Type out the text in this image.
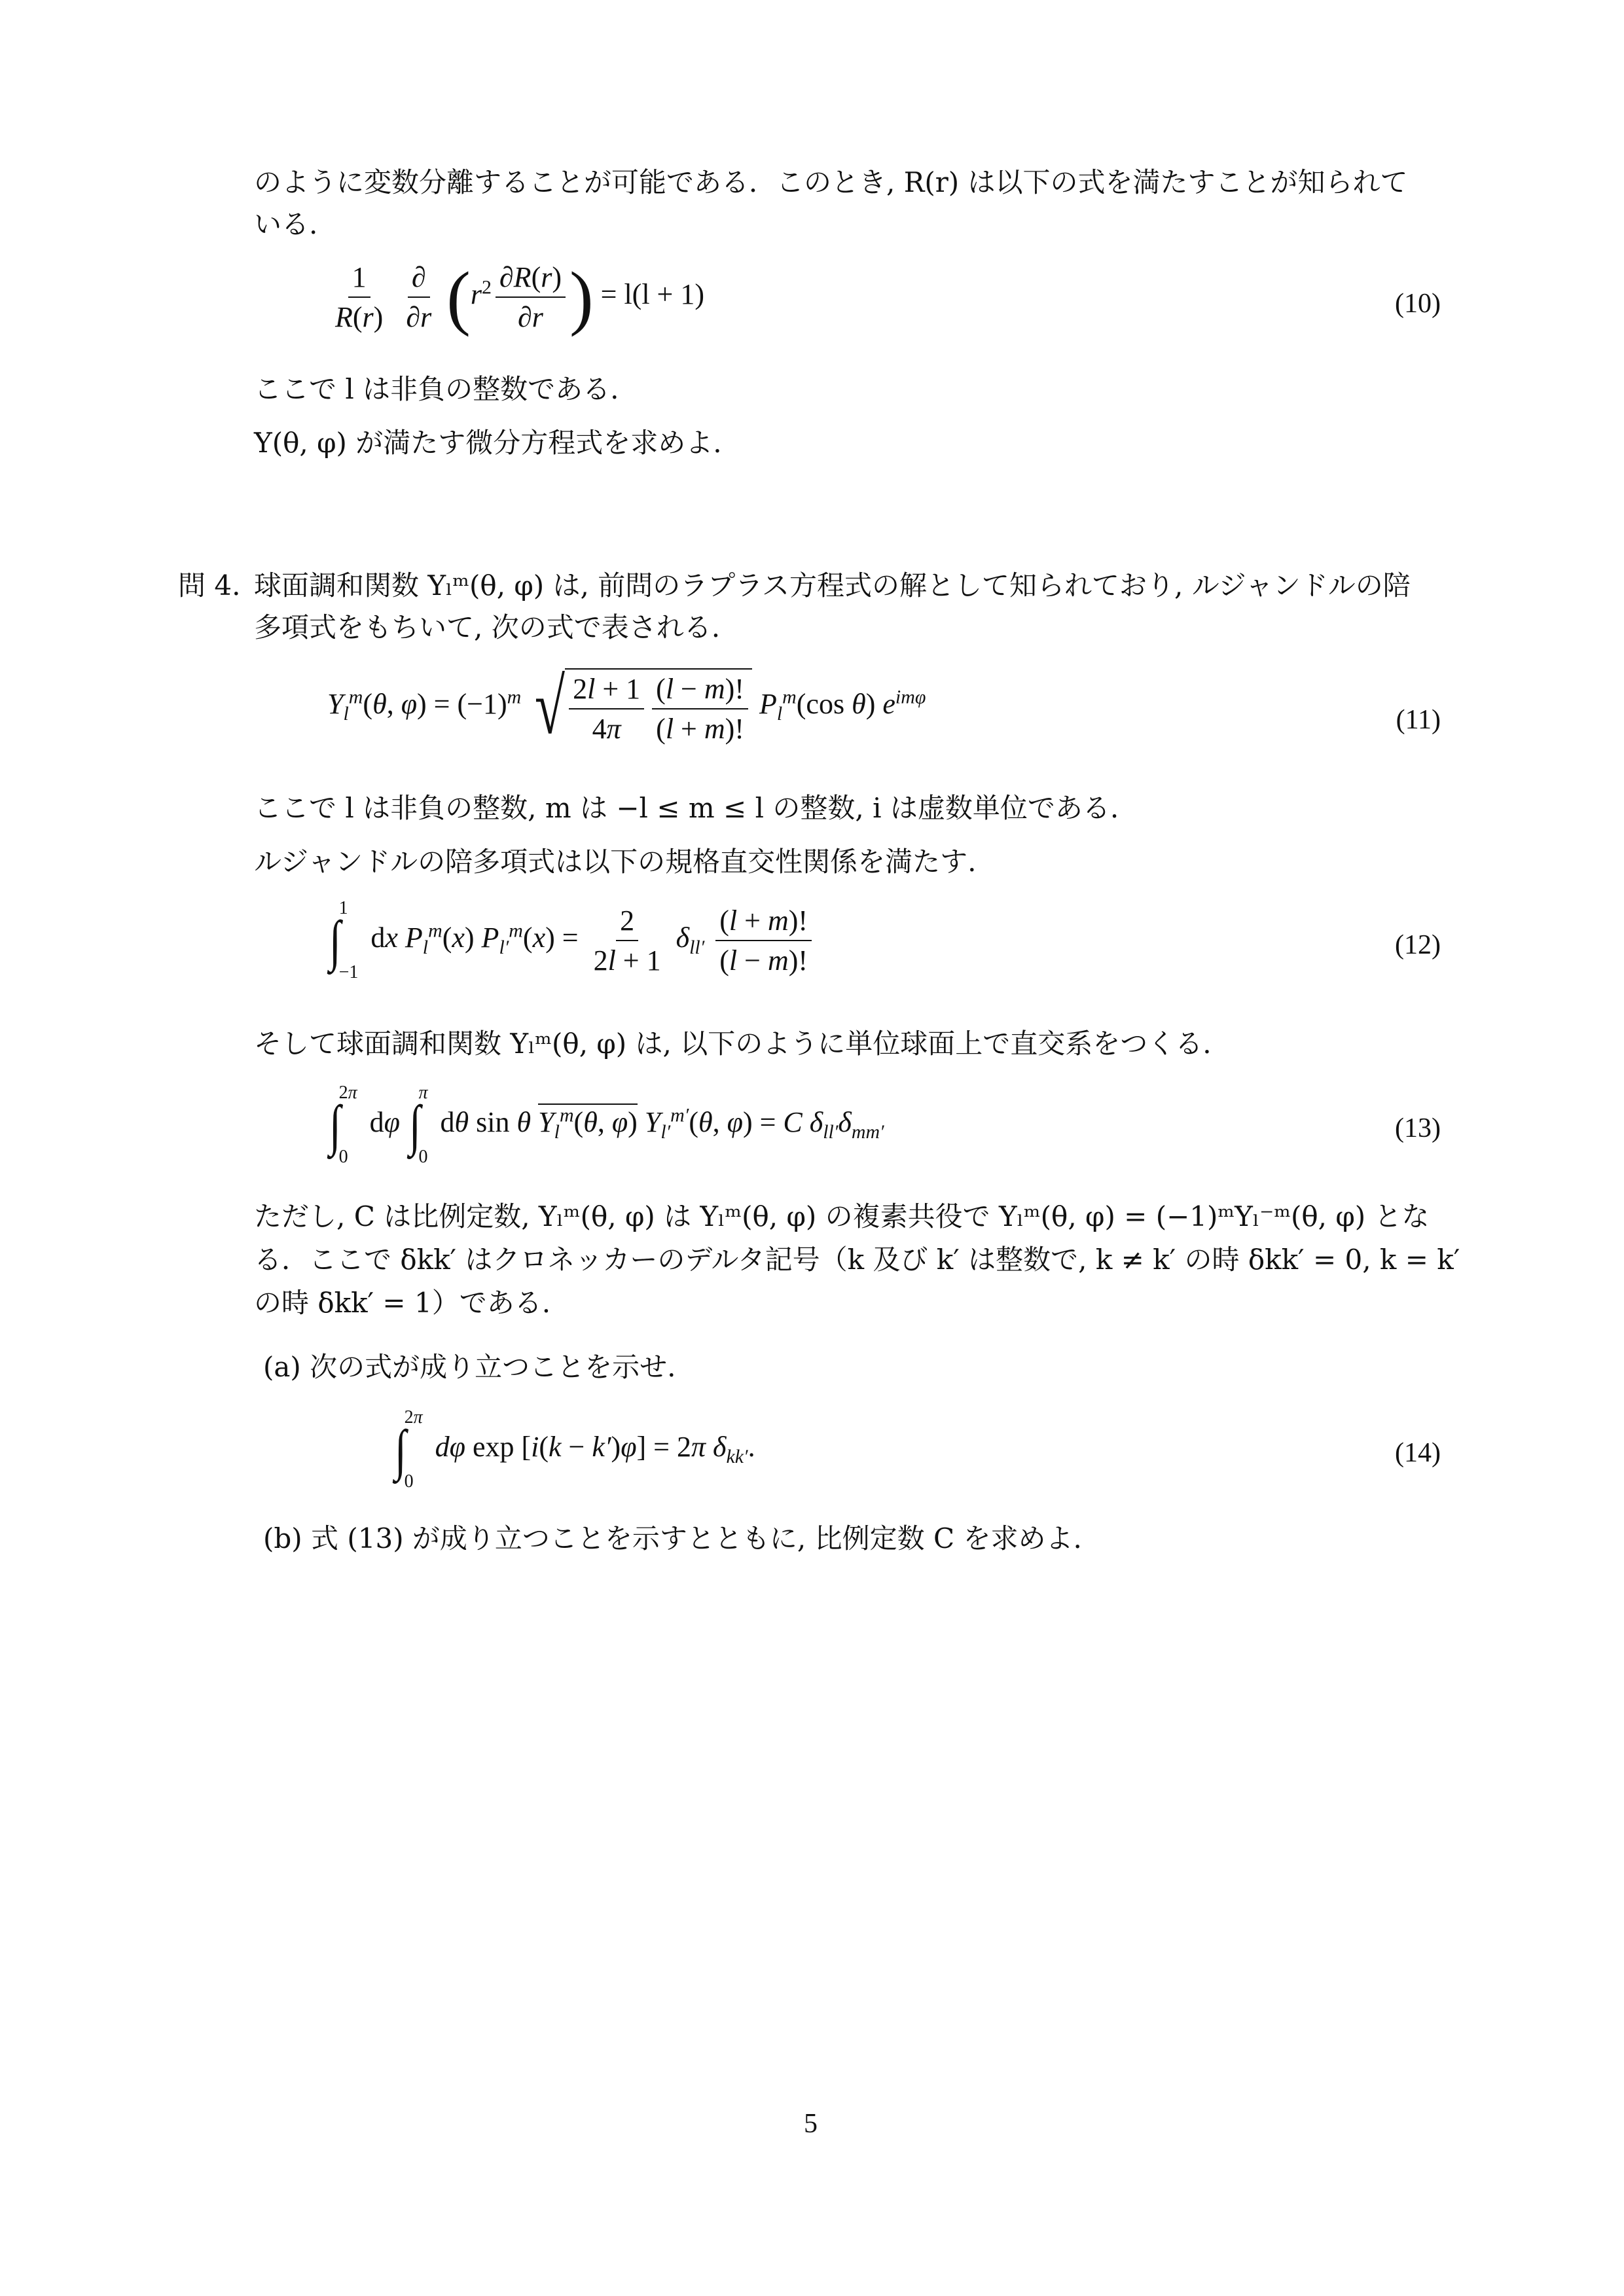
のように変数分離することが可能である．このとき, R(r) は以下の式を満たすことが知られて
いる.
$\frac{1}{R(r)}$
$\frac{\partial}{\partial r} (r^2 \frac{\partial R(r)}{\partial r}$ ) = l(l + 1)	(10)
ここで l は非負の整数である.
Y(θ, φ) が満たす微分方程式を求めよ.
問 4. 球面調和関数 Yₗᵐ(θ, φ) は, 前問のラプラス方程式の解として知られており, ルジャンドルの陪
多項式をもちいて, 次の式で表される.
$Y_l^m(\theta$, $\varphi) = (-1)^m$ √ $\frac{2l + 1}{4\pi} \frac{(l - m)!}{(l + m)!} P_l^m(\cos$ θ) $e^{im\varphi}$
(11)
ここで l は非負の整数, m は −l ≤ m ≤ l の整数, i は虚数単位である.
ルジャンドルの陪多項式は以下の規格直交性関係を満たす.
∫
1
−1
dx $P_l^m(x) P_{l'}^m(x) = \frac{2}{2l + 1} \delta_{ll'} \frac{(l + m)!}{(l - m)!}$	(12)
そして球面調和関数 Yₗᵐ(θ, φ) は, 以下のように単位球面上で直交系をつくる.
∫
2π
0
dφ ∫
π
0
dθ sin θ $Y_l^m(\theta$, φ) $Y_{l'}^{m'}(\theta$, φ) = C $\delta_{ll'}\delta_{mm'}$	(13)
ただし, C は比例定数, Yₗᵐ(θ, φ) は Yₗᵐ(θ, φ) の複素共役で Yₗᵐ(θ, φ) = (−1)ᵐYₗ⁻ᵐ(θ, φ) とな
る．ここで δkk′ はクロネッカーのデルタ記号（k 及び k′ は整数で, k ≠ k′ の時 δkk′ = 0, k = k′
の時 δkk′ = 1）である.
(a) 次の式が成り立つことを示せ.
∫
2π
0
dφ exp [i(k − k′)φ] = 2π $\delta_{kk'}$.	(14)
(b) 式 (13) が成り立つことを示すとともに, 比例定数 C を求めよ.
5
